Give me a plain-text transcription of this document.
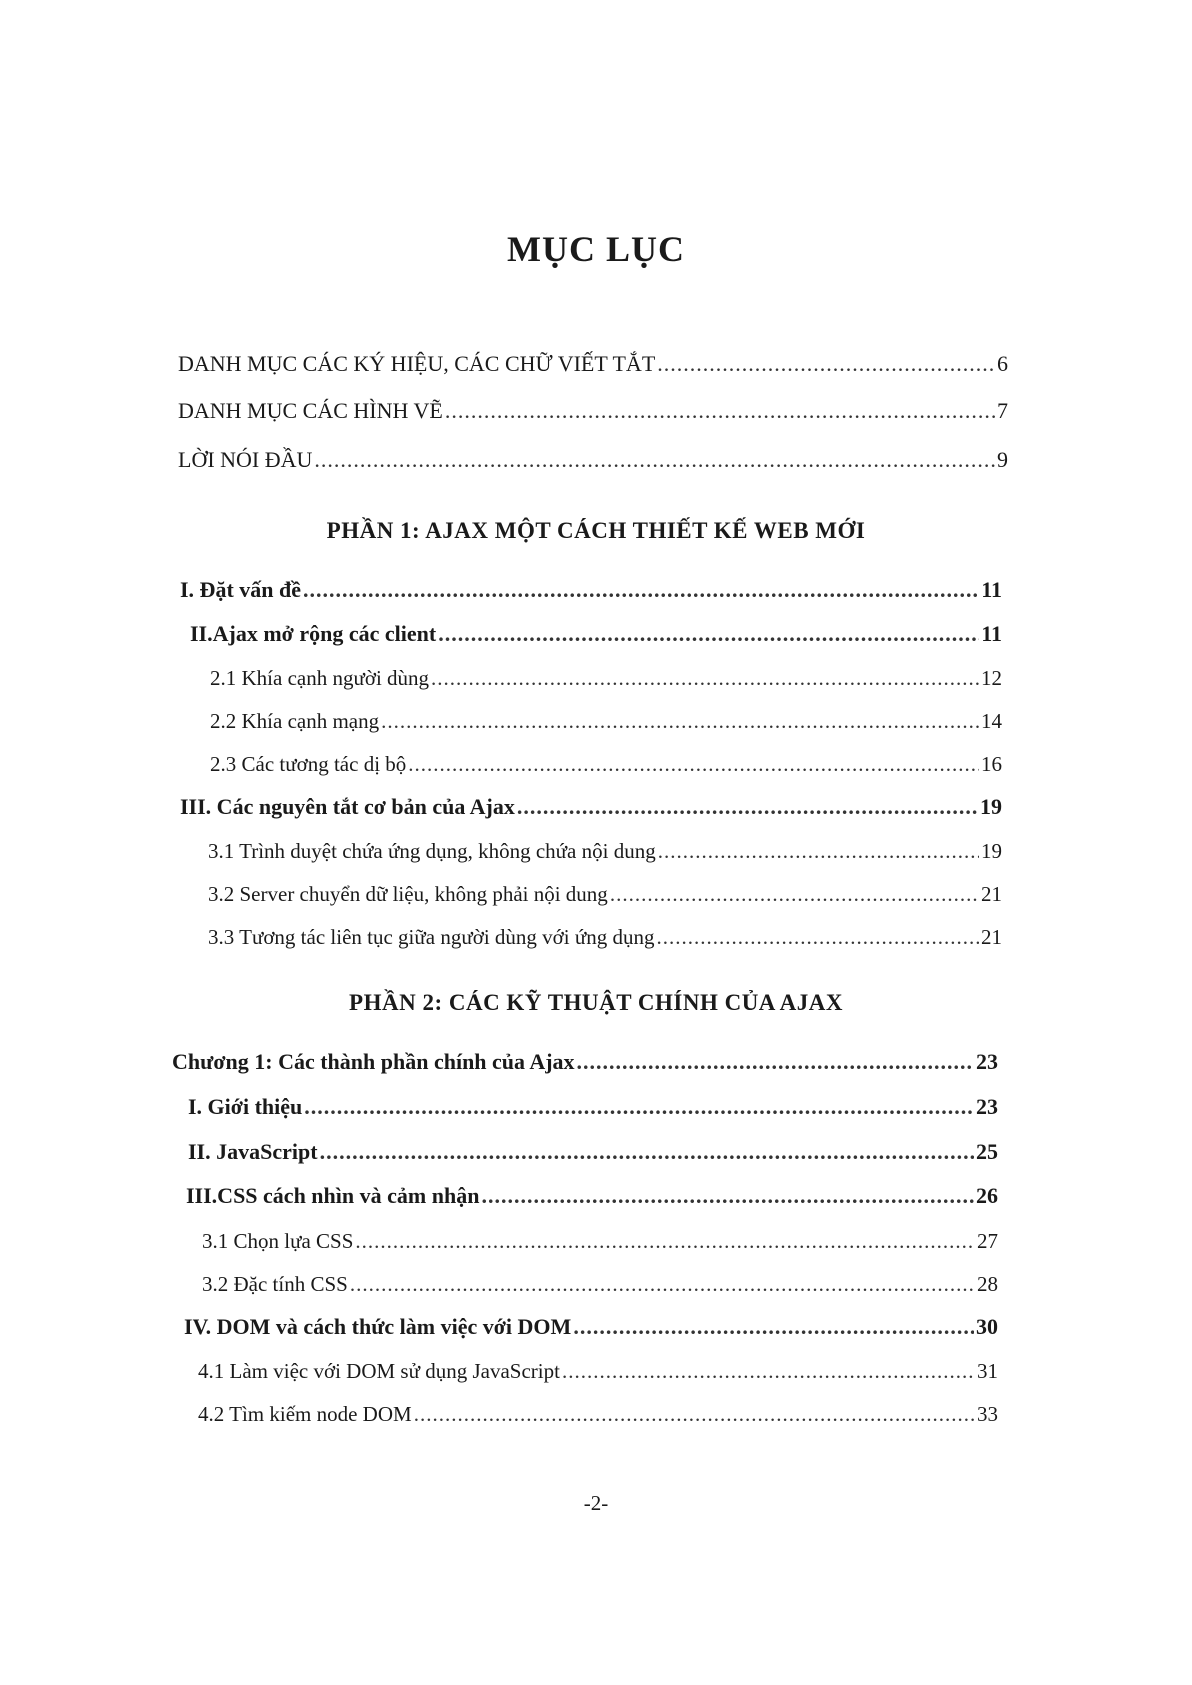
MỤC LỤC
DANH MỤC CÁC KÝ HIỆU, CÁC CHỮ VIẾT TẮT .....	6
DANH MỤC CÁC HÌNH VẼ .....	7
LỜI NÓI ĐẦU .....	9
PHẦN 1: AJAX MỘT CÁCH THIẾT KẾ WEB MỚI
I. Đặt vấn đề .....	11
II.Ajax mở rộng các client .....	11
2.1 Khía cạnh người dùng .....	12
2.2 Khía cạnh mạng .....	14
2.3 Các tương tác dị bộ .....	16
III. Các nguyên tắt cơ bản của Ajax .....	19
3.1 Trình duyệt chứa ứng dụng, không chứa nội dung .....	19
3.2 Server chuyển dữ liệu, không phải nội dung .....	21
3.3 Tương tác liên tục giữa người dùng với ứng dụng .....	21
PHẦN 2: CÁC KỸ THUẬT CHÍNH CỦA AJAX
Chương 1: Các thành phần chính của Ajax .....	23
I. Giới thiệu .....	23
II. JavaScript .....	25
III.CSS cách nhìn và cảm nhận .....	26
3.1 Chọn lựa CSS .....	27
3.2 Đặc tính CSS .....	28
IV. DOM và cách thức làm việc với DOM .....	30
4.1 Làm việc với DOM sử dụng JavaScript .....	31
4.2 Tìm kiếm node DOM .....	33
-2-
